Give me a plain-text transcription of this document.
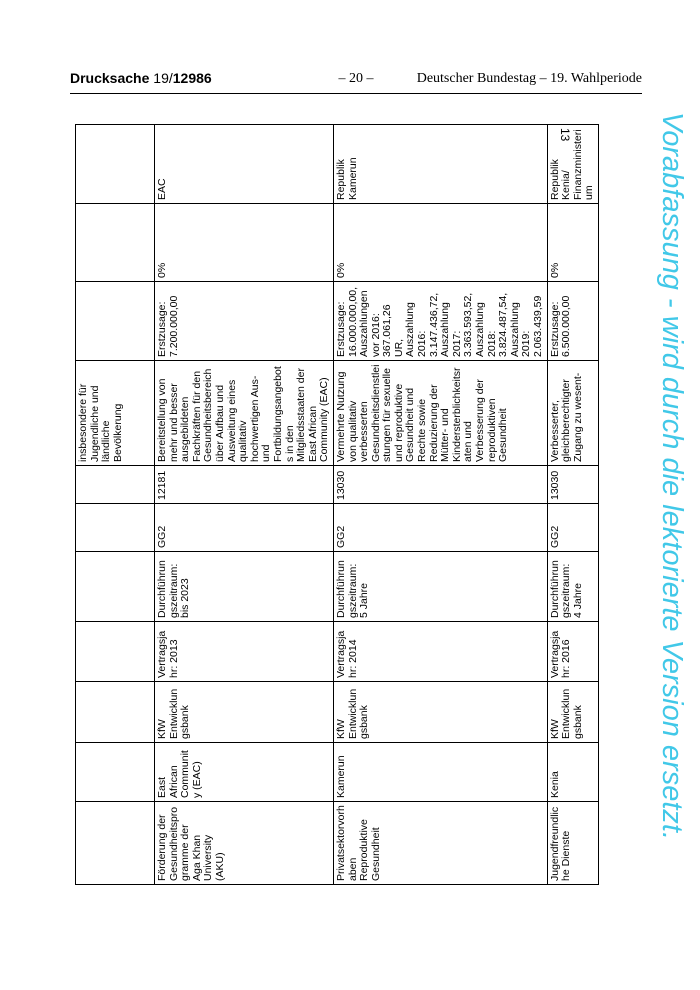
Drucksache 19/12986	– 20 –	Deutscher Bundestag – 19. Wahlperiode
							insbesondere für Jugendliche und ländliche Bevölkerung			
Förderung der Gesundheitsprogramme der Aga Khan University (AKU)	East African Community (EAC)	KfW Entwicklungsbank	Vertragsjahr: 2013	Durchführungszeitraum: bis 2023	GG2	12181	Bereitstellung von mehr und besser ausgebildeten Fachkräften für den Gesundheitsbereich über Aufbau und Ausweitung eines qualitativ hochwertigen Aus- und Fortbildungsangebots in den Mitgliedsstaaten der East African Community (EAC)	Erstzusage: 7.200.000,00	0%	EAC
Privatsektorvorhaben Reproduktive Gesundheit	Kamerun	KfW Entwicklungsbank	Vertragsjahr: 2014	Durchführungszeitraum: 5 Jahre	GG2	13030	Vermehrte Nutzung von qualitativ verbesserten Gesundheitsdienstleistungen für sexuelle und reproduktive Gesundheit und Rechte sowie Reduzierung der Mütter- und Kindersterblichkeitsraten und Verbesserung der reproduktiven Gesundheit	Erstzusage: 16.000.000,00, Auszahlungen vor 2016: 367.061,26 UR, Auszahlung 2016: 3.147.436,72, Auszahlung 2017: 3.363.593,52, Auszahlung 2018: 3.824.487,54, Auszahlung 2019: 2.063.439,59	0%	Republik Kamerun
Jugendfreundliche Dienste	Kenia	KfW Entwicklungsbank	Vertragsjahr: 2016	Durchführungszeitraum: 4 Jahre	GG2	13030	Verbesserter, gleichberechtigter Zugang zu wesent-	Erstzusage: 6.500.000,00	0%	Republik Kenia/ Finanzministerium
13	Vorabfassung - wird durch die lektorierte Version ersetzt.
